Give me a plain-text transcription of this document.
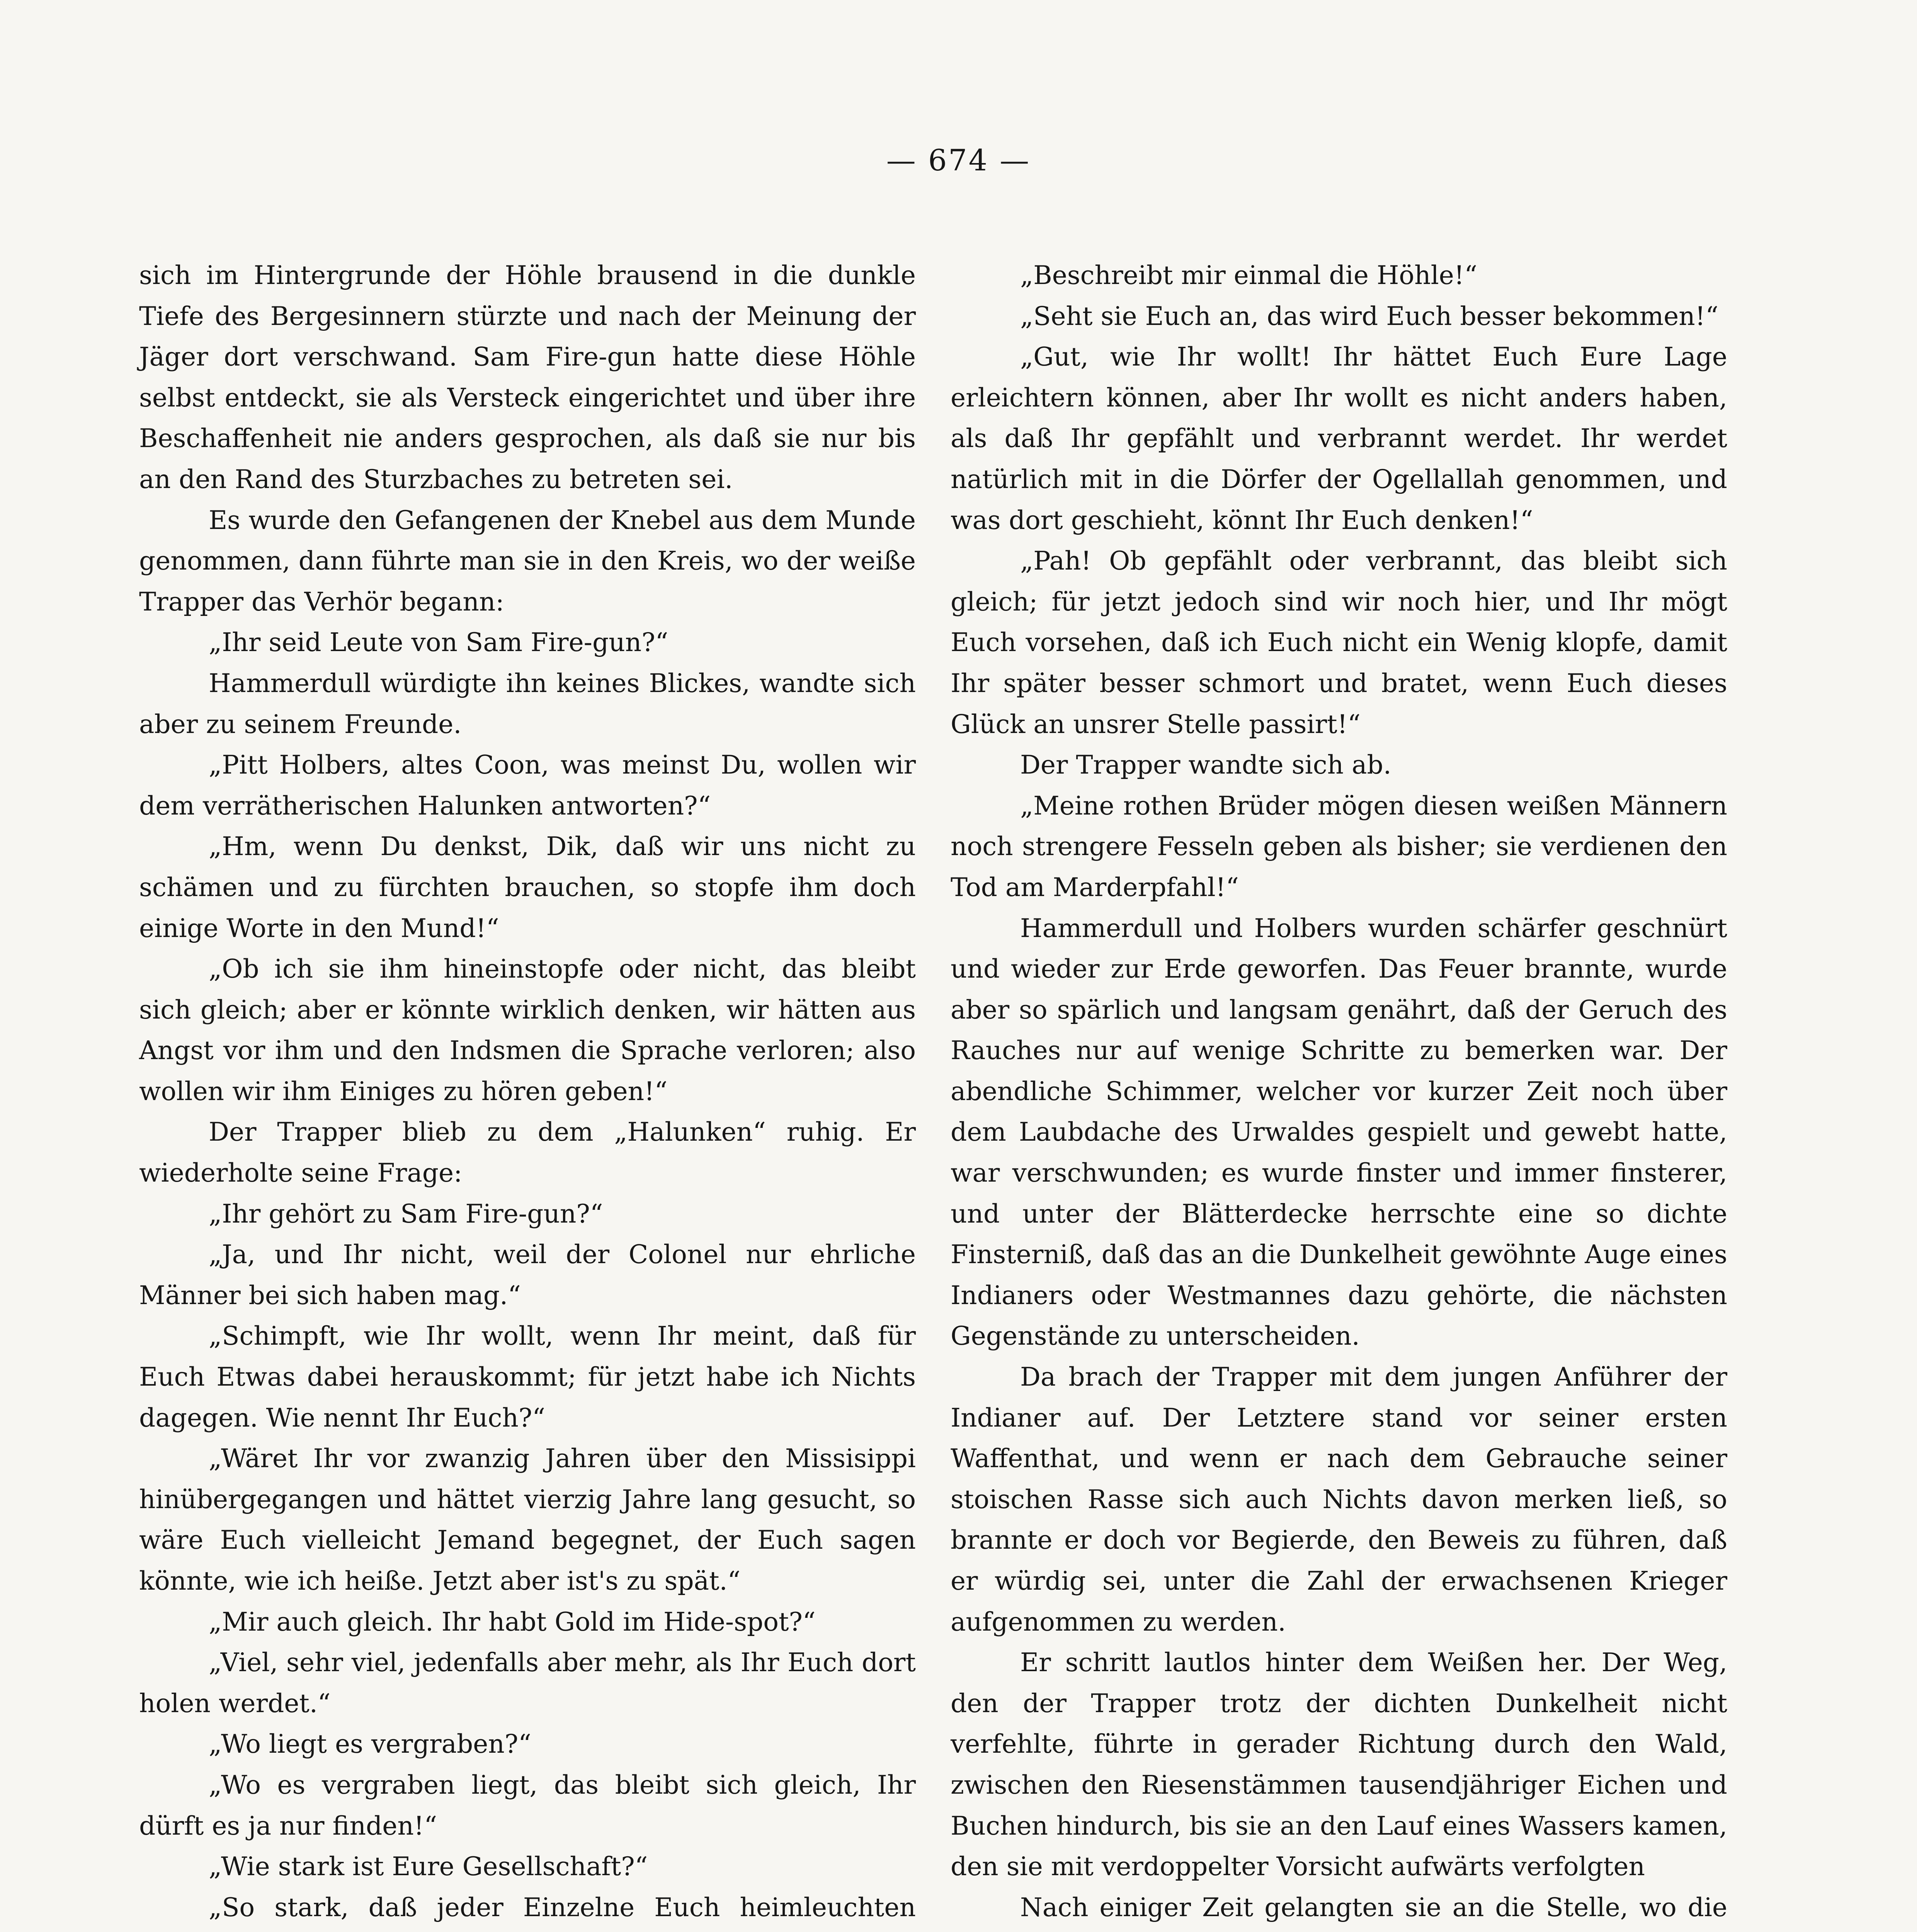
— 674 —

sich im Hintergrunde der Höhle brausend in die dunkle Tiefe des Bergesinnern stürzte und nach der Meinung der Jäger dort verschwand. Sam Fire-gun hatte diese Höhle selbst entdeckt, sie als Versteck eingerichtet und über ihre Beschaffenheit nie anders gesprochen, als daß sie nur bis an den Rand des Sturzbaches zu betreten sei.

Es wurde den Gefangenen der Knebel aus dem Munde genommen, dann führte man sie in den Kreis, wo der weiße Trapper das Verhör begann:

„Ihr seid Leute von Sam Fire-gun?“

Hammerdull würdigte ihn keines Blickes, wandte sich aber zu seinem Freunde.

„Pitt Holbers, altes Coon, was meinst Du, wollen wir dem verrätherischen Halunken antworten?“

„Hm, wenn Du denkst, Dik, daß wir uns nicht zu schämen und zu fürchten brauchen, so stopfe ihm doch einige Worte in den Mund!“

„Ob ich sie ihm hineinstopfe oder nicht, das bleibt sich gleich; aber er könnte wirklich denken, wir hätten aus Angst vor ihm und den Indsmen die Sprache verloren; also wollen wir ihm Einiges zu hören geben!“

Der Trapper blieb zu dem „Halunken“ ruhig. Er wiederholte seine Frage:

„Ihr gehört zu Sam Fire-gun?“

„Ja, und Ihr nicht, weil der Colonel nur ehrliche Männer bei sich haben mag.“

„Schimpft, wie Ihr wollt, wenn Ihr meint, daß für Euch Etwas dabei herauskommt; für jetzt habe ich Nichts dagegen. Wie nennt Ihr Euch?“

„Wäret Ihr vor zwanzig Jahren über den Missisippi hinübergegangen und hättet vierzig Jahre lang gesucht, so wäre Euch vielleicht Jemand begegnet, der Euch sagen könnte, wie ich heiße. Jetzt aber ist's zu spät.“

„Mir auch gleich. Ihr habt Gold im Hide-spot?“

„Viel, sehr viel, jedenfalls aber mehr, als Ihr Euch dort holen werdet.“

„Wo liegt es vergraben?“

„Wo es vergraben liegt, das bleibt sich gleich, Ihr dürft es ja nur finden!“

„Wie stark ist Eure Gesellschaft?“

„So stark, daß jeder Einzelne Euch heimleuchten

„Beschreibt mir einmal die Höhle!“

„Seht sie Euch an, das wird Euch besser bekommen!“

„Gut, wie Ihr wollt! Ihr hättet Euch Eure Lage erleichtern können, aber Ihr wollt es nicht anders haben, als daß Ihr gepfählt und verbrannt werdet. Ihr werdet natürlich mit in die Dörfer der Ogellallah genommen, und was dort geschieht, könnt Ihr Euch denken!“

„Pah! Ob gepfählt oder verbrannt, das bleibt sich gleich; für jetzt jedoch sind wir noch hier, und Ihr mögt Euch vorsehen, daß ich Euch nicht ein Wenig klopfe, damit Ihr später besser schmort und bratet, wenn Euch dieses Glück an unsrer Stelle passirt!“

Der Trapper wandte sich ab.

„Meine rothen Brüder mögen diesen weißen Männern noch strengere Fesseln geben als bisher; sie verdienen den Tod am Marderpfahl!“

Hammerdull und Holbers wurden schärfer geschnürt und wieder zur Erde geworfen. Das Feuer brannte, wurde aber so spärlich und langsam genährt, daß der Geruch des Rauches nur auf wenige Schritte zu bemerken war. Der abendliche Schimmer, welcher vor kurzer Zeit noch über dem Laubdache des Urwaldes gespielt und gewebt hatte, war verschwunden; es wurde finster und immer finsterer, und unter der Blätterdecke herrschte eine so dichte Finsterniß, daß das an die Dunkelheit gewöhnte Auge eines Indianers oder Westmannes dazu gehörte, die nächsten Gegenstände zu unterscheiden.

Da brach der Trapper mit dem jungen Anführer der Indianer auf. Der Letztere stand vor seiner ersten Waffenthat, und wenn er nach dem Gebrauche seiner stoischen Rasse sich auch Nichts davon merken ließ, so brannte er doch vor Begierde, den Beweis zu führen, daß er würdig sei, unter die Zahl der erwachsenen Krieger aufgenommen zu werden.

Er schritt lautlos hinter dem Weißen her. Der Weg, den der Trapper trotz der dichten Dunkelheit nicht verfehlte, führte in gerader Richtung durch den Wald, zwischen den Riesenstämmen tausendjähriger Eichen und Buchen hindurch, bis sie an den Lauf eines Wassers kamen, den sie mit verdoppelter Vorsicht aufwärts verfolgten

Nach einiger Zeit gelangten sie an die Stelle, wo die
